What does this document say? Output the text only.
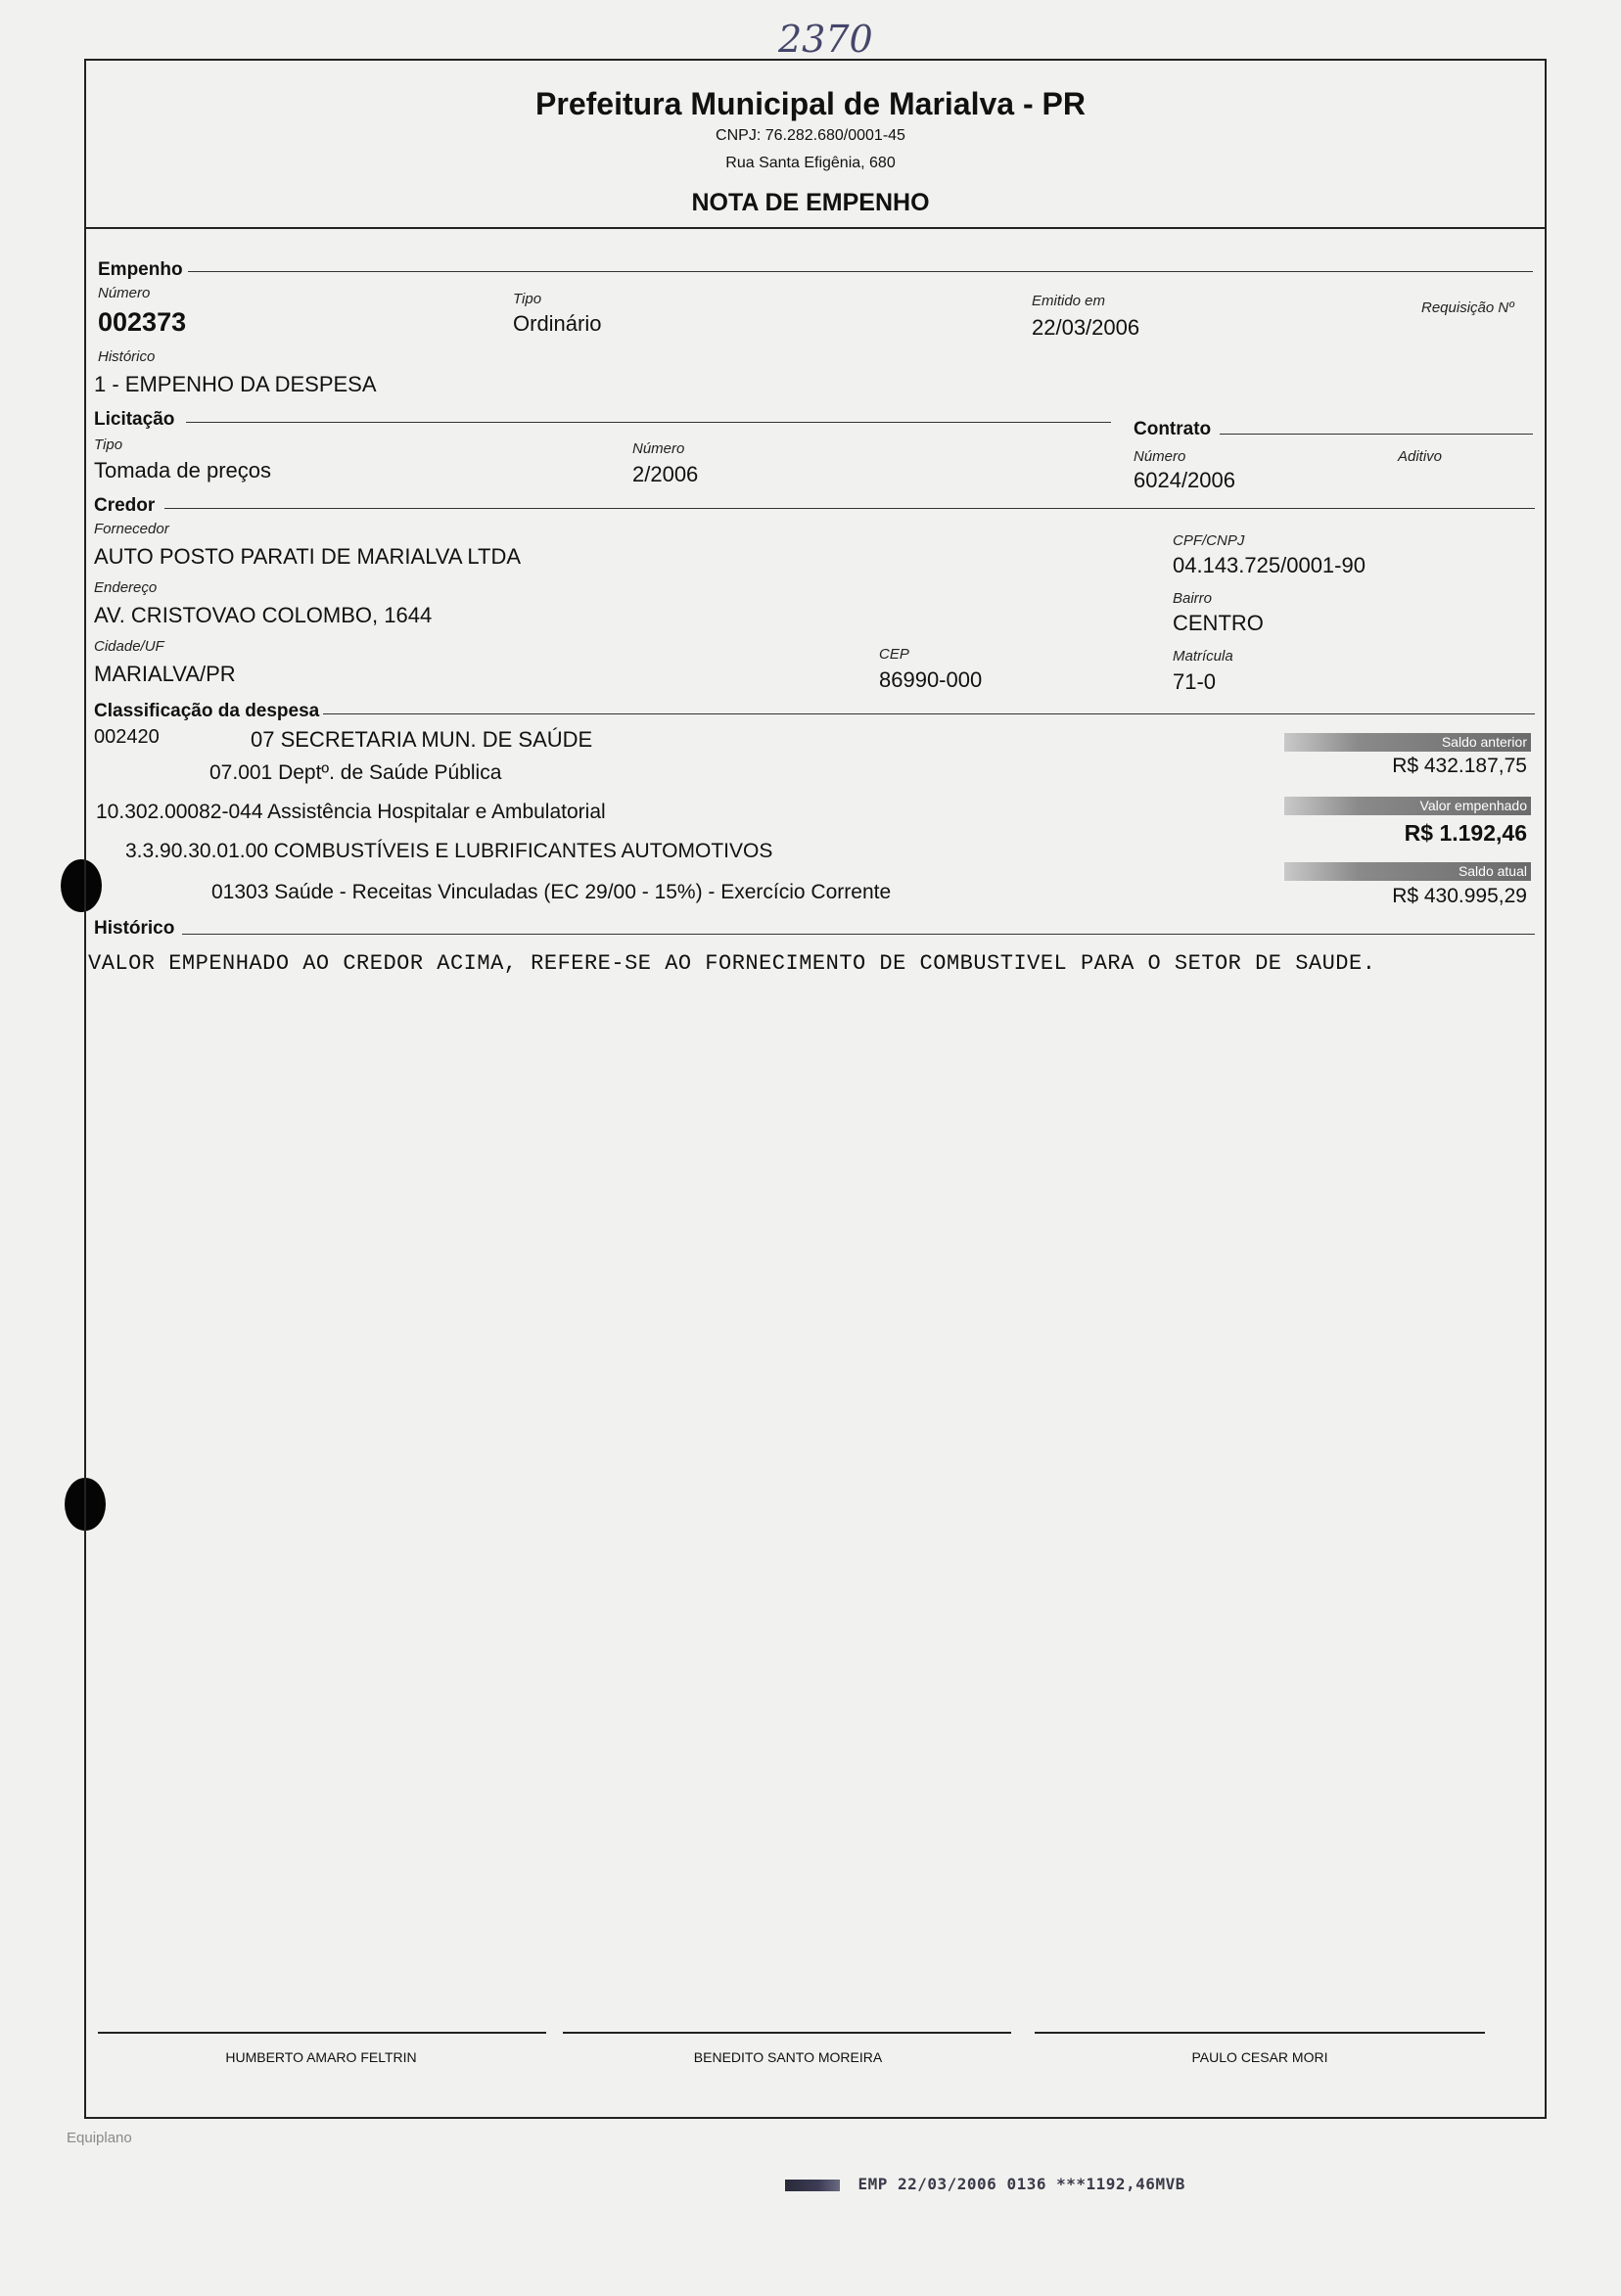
2370
Prefeitura Municipal de Marialva - PR
CNPJ: 76.282.680/0001-45
Rua Santa Efigênia, 680
NOTA DE EMPENHO
Empenho
Número
002373
Tipo
Ordinário
Emitido em
22/03/2006
Requisição Nº
Histórico
1 - EMPENHO DA DESPESA
Licitação
Tipo
Tomada de preços
Número
2/2006
Contrato
Número
6024/2006
Aditivo
Credor
Fornecedor
AUTO POSTO PARATI DE MARIALVA LTDA
CPF/CNPJ
04.143.725/0001-90
Endereço
AV. CRISTOVAO COLOMBO, 1644
Bairro
CENTRO
Cidade/UF
MARIALVA/PR
CEP
86990-000
Matrícula
71-0
Classificação da despesa
002420	07 SECRETARIA MUN. DE SAÚDE
07.001 Deptº. de Saúde Pública
10.302.00082-044 Assistência Hospitalar e Ambulatorial
3.3.90.30.01.00 COMBUSTÍVEIS E LUBRIFICANTES AUTOMOTIVOS
01303 Saúde - Receitas Vinculadas (EC 29/00 - 15%) - Exercício Corrente
Saldo anterior
R$ 432.187,75
Valor empenhado
R$ 1.192,46
Saldo atual
R$ 430.995,29
Histórico
VALOR EMPENHADO AO CREDOR ACIMA, REFERE-SE AO FORNECIMENTO DE COMBUSTIVEL PARA O SETOR DE SAUDE.
HUMBERTO AMARO FELTRIN	BENEDITO SANTO MOREIRA	PAULO CESAR MORI
Equiplano
EMP 22/03/2006 0136 ***1192,46MVB
